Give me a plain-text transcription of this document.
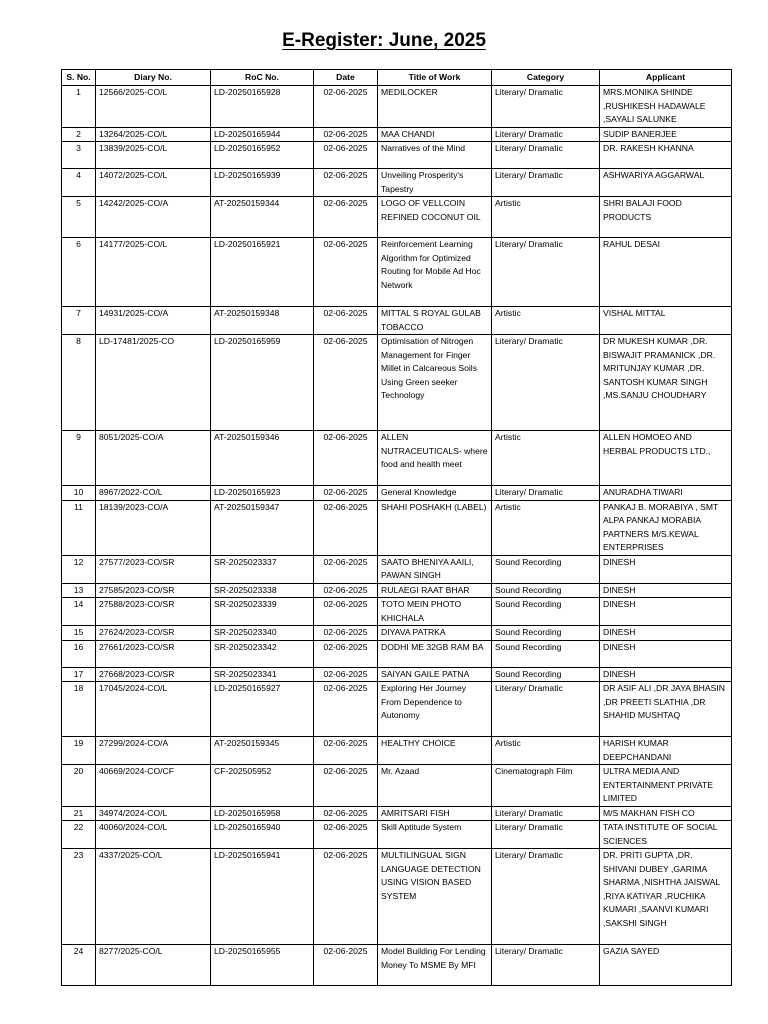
E-Register: June, 2025
S. No.	Diary No.	RoC No.	Date	Title of Work	Category	Applicant
1	12566/2025-CO/L	LD-20250165928	02-06-2025	MEDILOCKER	Literary/ Dramatic	MRS.MONIKA SHINDE ,RUSHIKESH HADAWALE ,SAYALI SALUNKE
2	13264/2025-CO/L	LD-20250165944	02-06-2025	MAA CHANDI	Literary/ Dramatic	SUDIP BANERJEE
3	13839/2025-CO/L	LD-20250165952	02-06-2025	Narratives of the Mind	Literary/ Dramatic	DR. RAKESH KHANNA
4	14072/2025-CO/L	LD-20250165939	02-06-2025	Unveiling Prosperity's Tapestry	Literary/ Dramatic	ASHWARIYA AGGARWAL
5	14242/2025-CO/A	AT-20250159344	02-06-2025	LOGO OF VELLCOIN REFINED COCONUT OIL	Artistic	SHRI BALAJI FOOD PRODUCTS
6	14177/2025-CO/L	LD-20250165921	02-06-2025	Reinforcement Learning Algorithm for Optimized Routing for Mobile Ad Hoc Network	Literary/ Dramatic	RAHUL DESAI
7	14931/2025-CO/A	AT-20250159348	02-06-2025	MITTAL S ROYAL GULAB TOBACCO	Artistic	VISHAL MITTAL
8	LD-17481/2025-CO	LD-20250165959	02-06-2025	Optimisation of Nitrogen Management for Finger Millet in Calcareous Soils Using Green seeker Technology	Literary/ Dramatic	DR MUKESH KUMAR ,DR. BISWAJIT PRAMANICK ,DR. MRITUNJAY KUMAR ,DR. SANTOSH KUMAR SINGH ,MS.SANJU CHOUDHARY
9	8051/2025-CO/A	AT-20250159346	02-06-2025	ALLEN NUTRACEUTICALS- where food and health meet	Artistic	ALLEN HOMOEO AND HERBAL PRODUCTS LTD.,
10	8967/2022-CO/L	LD-20250165923	02-06-2025	General Knowledge	Literary/ Dramatic	ANURADHA TIWARI
11	18139/2023-CO/A	AT-20250159347	02-06-2025	SHAHI POSHAKH (LABEL)	Artistic	PANKAJ B. MORABIYA , SMT ALPA PANKAJ MORABIA PARTNERS M/S.KEWAL ENTERPRISES
12	27577/2023-CO/SR	SR-2025023337	02-06-2025	SAATO BHENIYA AAILI, PAWAN SINGH	Sound Recording	DINESH
13	27585/2023-CO/SR	SR-2025023338	02-06-2025	RULAEGI RAAT BHAR	Sound Recording	DINESH
14	27588/2023-CO/SR	SR-2025023339	02-06-2025	TOTO MEIN PHOTO KHICHALA	Sound Recording	DINESH
15	27624/2023-CO/SR	SR-2025023340	02-06-2025	DIYAVA PATRKA	Sound Recording	DINESH
16	27661/2023-CO/SR	SR-2025023342	02-06-2025	DODHI ME 32GB RAM BA	Sound Recording	DINESH
17	27668/2023-CO/SR	SR-2025023341	02-06-2025	SAIYAN GAILE PATNA	Sound Recording	DINESH
18	17045/2024-CO/L	LD-20250165927	02-06-2025	Exploring Her Journey From Dependence to Autonomy	Literary/ Dramatic	DR ASIF ALI ,DR JAYA BHASIN ,DR PREETI SLATHIA ,DR SHAHID MUSHTAQ
19	27299/2024-CO/A	AT-20250159345	02-06-2025	HEALTHY CHOICE	Artistic	HARISH KUMAR DEEPCHANDANI
20	40669/2024-CO/CF	CF-202505952	02-06-2025	Mr. Azaad	Cinematograph Film	ULTRA MEDIA AND ENTERTAINMENT PRIVATE LIMITED
21	34974/2024-CO/L	LD-20250165958	02-06-2025	AMRITSARI FISH	Literary/ Dramatic	M/S MAKHAN FISH CO
22	40060/2024-CO/L	LD-20250165940	02-06-2025	Skill Aptitude System	Literary/ Dramatic	TATA INSTITUTE OF SOCIAL SCIENCES
23	4337/2025-CO/L	LD-20250165941	02-06-2025	MULTILINGUAL SIGN LANGUAGE DETECTION USING VISION BASED SYSTEM	Literary/ Dramatic	DR. PRITI GUPTA ,DR. SHIVANI DUBEY ,GARIMA SHARMA ,NISHTHA JAISWAL ,RIYA KATIYAR ,RUCHIKA KUMARI ,SAANVI KUMARI ,SAKSHI SINGH
24	8277/2025-CO/L	LD-20250165955	02-06-2025	Model Building For Lending Money To MSME By MFI	Literary/ Dramatic	GAZIA SAYED
